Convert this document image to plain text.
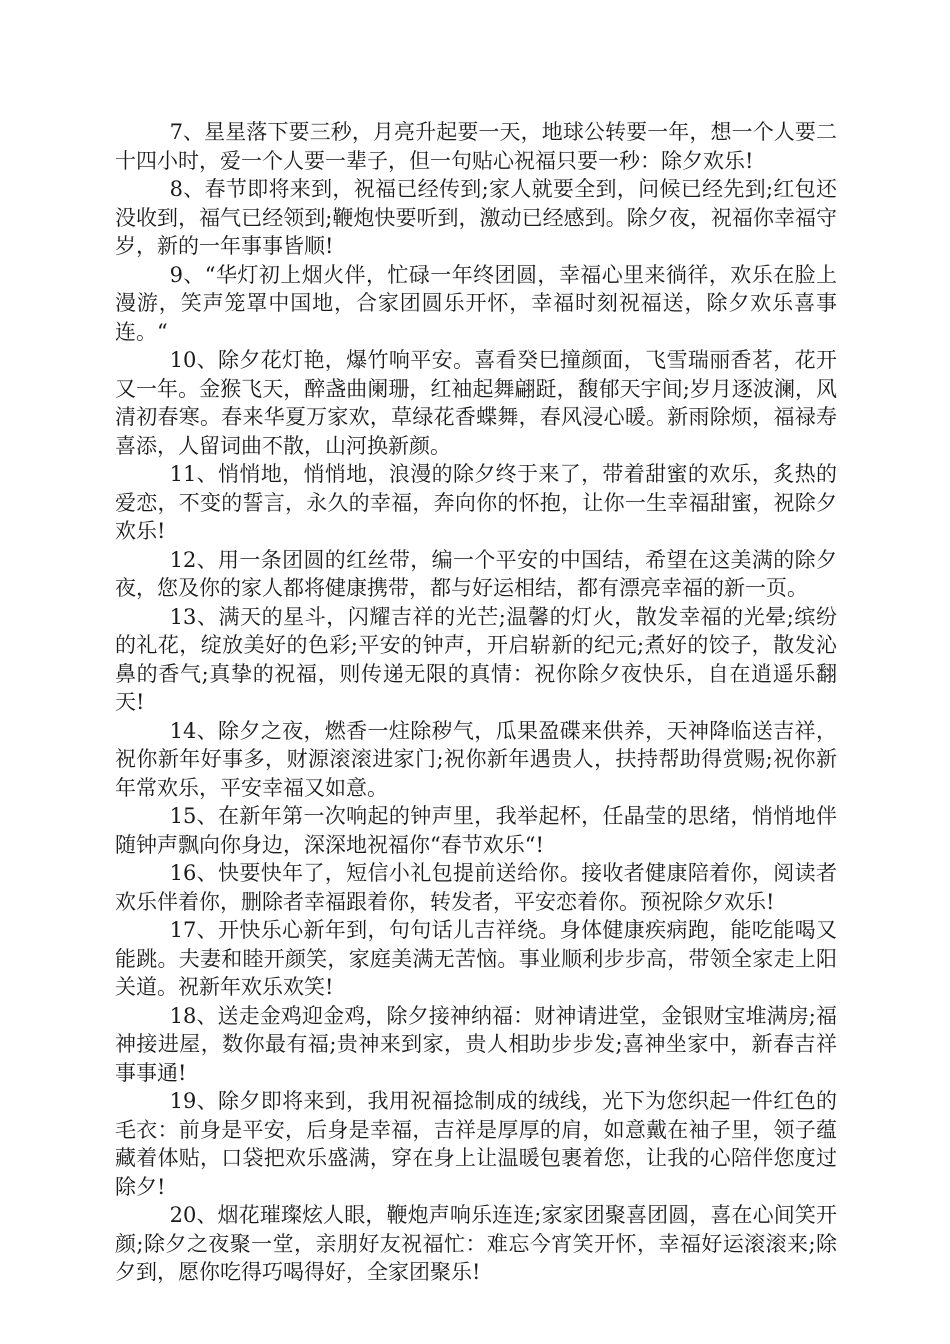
7、星星落下要三秒，月亮升起要一天，地球公转要一年，想一个人要二十四小时，爱一个人要一辈子，但一句贴心祝福只要一秒：除夕欢乐!

8、春节即将来到，祝福已经传到;家人就要全到，问候已经先到;红包还没收到，福气已经领到;鞭炮快要听到，激动已经感到。除夕夜，祝福你幸福守岁，新的一年事事皆顺!

9、“华灯初上烟火伴，忙碌一年终团圆，幸福心里来徜徉，欢乐在脸上漫游，笑声笼罩中国地，合家团圆乐开怀，幸福时刻祝福送，除夕欢乐喜事连。“

10、除夕花灯艳，爆竹响平安。喜看癸巳撞颜面，飞雪瑞丽香茗，花开又一年。金猴飞天，醉盏曲阑珊，红袖起舞翩跹，馥郁天宇间;岁月逐波澜，风清初春寒。春来华夏万家欢，草绿花香蝶舞，春风浸心暖。新雨除烦，福禄寿喜添，人留词曲不散，山河换新颜。

11、悄悄地，悄悄地，浪漫的除夕终于来了，带着甜蜜的欢乐，炙热的爱恋，不变的誓言，永久的幸福，奔向你的怀抱，让你一生幸福甜蜜，祝除夕欢乐!

12、用一条团圆的红丝带，编一个平安的中国结，希望在这美满的除夕夜，您及你的家人都将健康携带，都与好运相结，都有漂亮幸福的新一页。

13、满天的星斗，闪耀吉祥的光芒;温馨的灯火，散发幸福的光晕;缤纷的礼花，绽放美好的色彩;平安的钟声，开启崭新的纪元;煮好的饺子，散发沁鼻的香气;真挚的祝福，则传递无限的真情：祝你除夕夜快乐，自在逍遥乐翻天!

14、除夕之夜，燃香一炷除秽气，瓜果盈碟来供养，天神降临送吉祥，祝你新年好事多，财源滚滚进家门;祝你新年遇贵人，扶持帮助得赏赐;祝你新年常欢乐，平安幸福又如意。

15、在新年第一次响起的钟声里，我举起杯，任晶莹的思绪，悄悄地伴随钟声飘向你身边，深深地祝福你“春节欢乐“!

16、快要快年了，短信小礼包提前送给你。接收者健康陪着你，阅读者欢乐伴着你，删除者幸福跟着你，转发者，平安恋着你。预祝除夕欢乐!

17、开快乐心新年到，句句话儿吉祥绕。身体健康疾病跑，能吃能喝又能跳。夫妻和睦开颜笑，家庭美满无苦恼。事业顺利步步高，带领全家走上阳关道。祝新年欢乐欢笑!

18、送走金鸡迎金鸡，除夕接神纳福：财神请进堂，金银财宝堆满房;福神接进屋，数你最有福;贵神来到家，贵人相助步步发;喜神坐家中，新春吉祥事事通!

19、除夕即将来到，我用祝福捻制成的绒线，光下为您织起一件红色的毛衣：前身是平安，后身是幸福，吉祥是厚厚的肩，如意戴在袖子里，领子蕴藏着体贴，口袋把欢乐盛满，穿在身上让温暖包裹着您，让我的心陪伴您度过除夕!

20、烟花璀璨炫人眼，鞭炮声响乐连连;家家团聚喜团圆，喜在心间笑开颜;除夕之夜聚一堂，亲朋好友祝福忙：难忘今宵笑开怀，幸福好运滚滚来;除夕到，愿你吃得巧喝得好，全家团聚乐!
